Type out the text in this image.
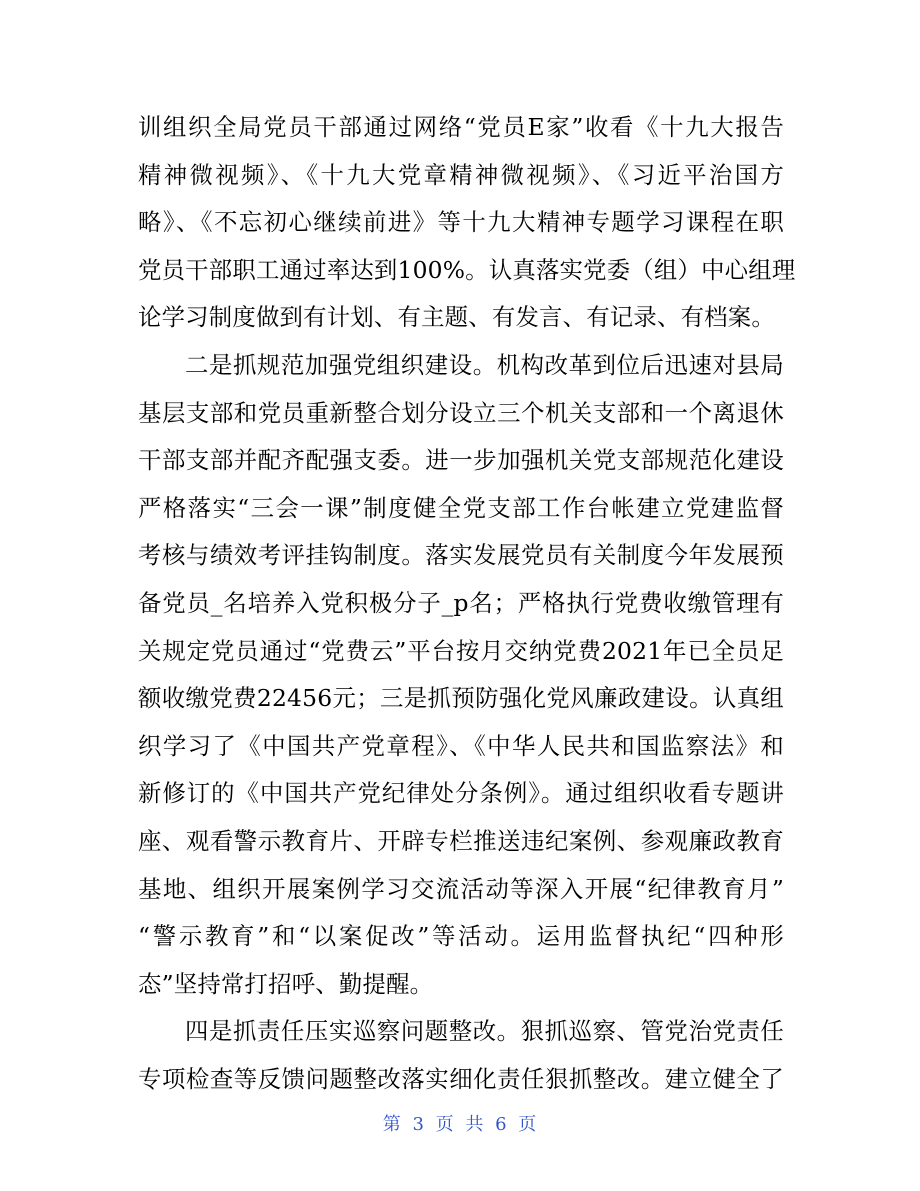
训组织全局党员干部通过网络“党员E家”收看《十九大报告
精神微视频》、《十九大党章精神微视频》、《习近平治国方
略》、《不忘初心继续前进》等十九大精神专题学习课程在职
党员干部职工通过率达到100%。认真落实党委（组）中心组理
论学习制度做到有计划、有主题、有发言、有记录、有档案。
二是抓规范加强党组织建设。机构改革到位后迅速对县局
基层支部和党员重新整合划分设立三个机关支部和一个离退休
干部支部并配齐配强支委。进一步加强机关党支部规范化建设
严格落实“三会一课”制度健全党支部工作台帐建立党建监督
考核与绩效考评挂钩制度。落实发展党员有关制度今年发展预
备党员_名培养入党积极分子_p名；严格执行党费收缴管理有
关规定党员通过“党费云”平台按月交纳党费2021年已全员足
额收缴党费22456元；三是抓预防强化党风廉政建设。认真组
织学习了《中国共产党章程》、《中华人民共和国监察法》和
新修订的《中国共产党纪律处分条例》。通过组织收看专题讲
座、观看警示教育片、开辟专栏推送违纪案例、参观廉政教育
基地、组织开展案例学习交流活动等深入开展“纪律教育月”
“警示教育”和“以案促改”等活动。运用监督执纪“四种形
态”坚持常打招呼、勤提醒。
四是抓责任压实巡察问题整改。狠抓巡察、管党治党责任
专项检查等反馈问题整改落实细化责任狠抓整改。建立健全了
第 3 页 共 6 页
